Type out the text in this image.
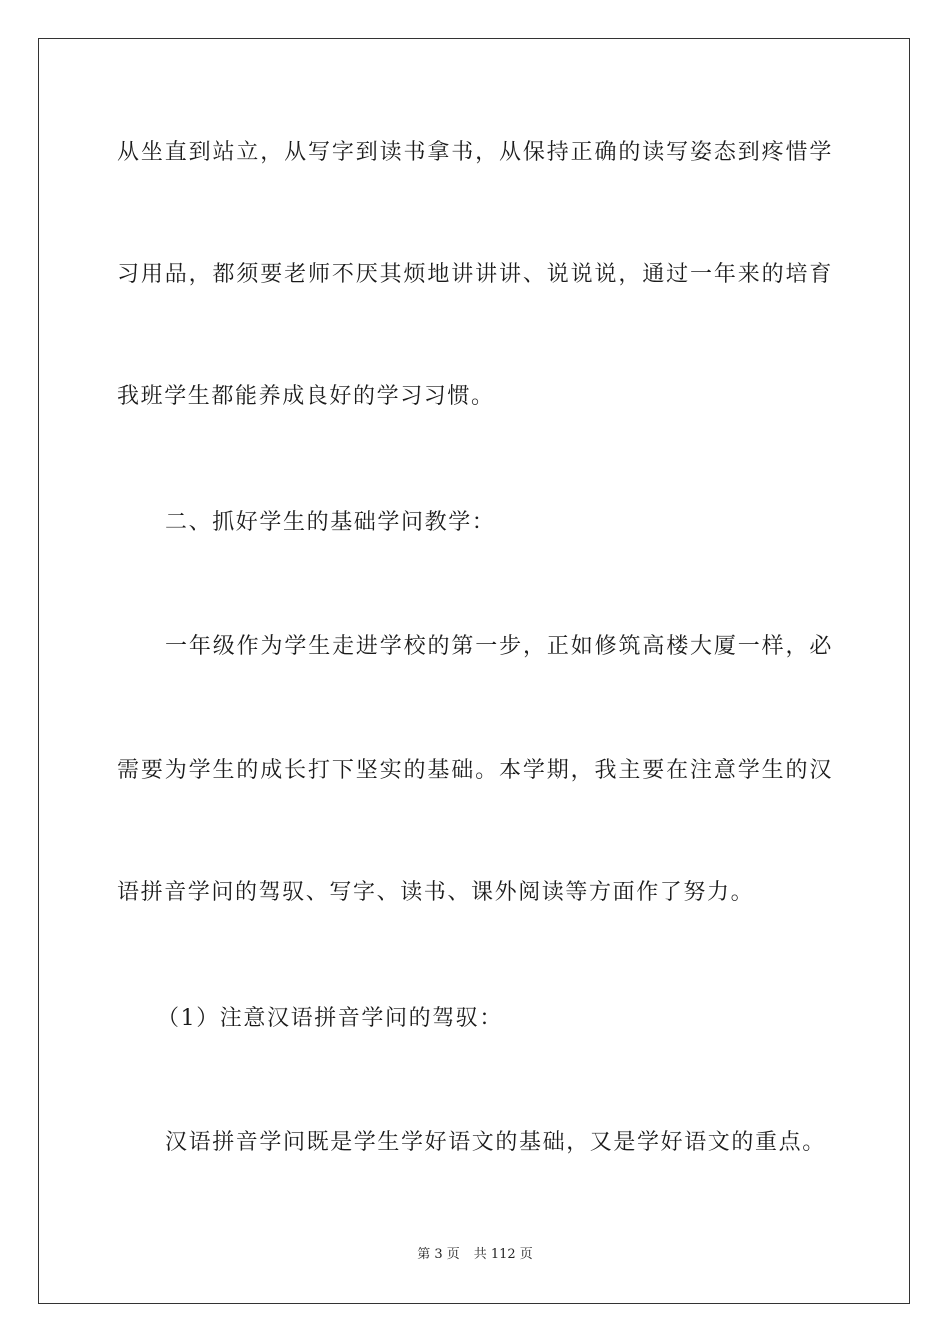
从坐直到站立，从写字到读书拿书，从保持正确的读写姿态到疼惜学
习用品，都须要老师不厌其烦地讲讲讲、说说说，通过一年来的培育
我班学生都能养成良好的学习习惯。
二、抓好学生的基础学问教学：
一年级作为学生走进学校的第一步，正如修筑高楼大厦一样，必
需要为学生的成长打下坚实的基础。本学期，我主要在注意学生的汉
语拼音学问的驾驭、写字、读书、课外阅读等方面作了努力。
（1）注意汉语拼音学问的驾驭：
汉语拼音学问既是学生学好语文的基础，又是学好语文的重点。
第 3 页 共 112 页
